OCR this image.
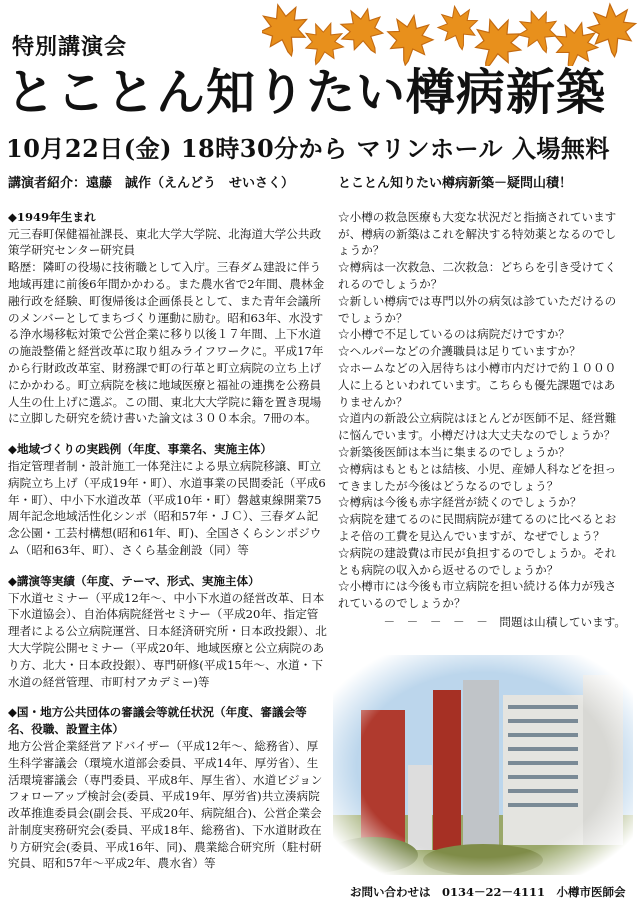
特別講演会
とことん知りたい樽病新築
10月22日(金) 18時30分から マリンホール 入場無料
講演者紹介：遠藤　誠作（えんどう　せいさく）
◆1949年生まれ
元三春町保健福祉課長、東北大学大学院、北海道大学公共政策学研究センター研究員
略歴：隣町の役場に技術職として入庁。三春ダム建設に伴う地域再建に前後6年間かかわる。また農水省で2年間、農林金融行政を経験、町復帰後は企画係長として、また青年会議所のメンバーとしてまちづくり運動に励む。昭和63年、水没する浄水場移転対策で公営企業に移り以後１７年間、上下水道の施設整備と経営改革に取り組みライフワークに。平成17年から行財政改革室、財務課で町の行革と町立病院の立ち上げにかかわる。町立病院を核に地域医療と福祉の連携を公務員人生の仕上げに選ぶ。この間、東北大大学院に籍を置き現場に立脚した研究を続け書いた論文は３００本余。7冊の本。
◆地域づくりの実践例（年度、事業名、実施主体）
指定管理者制・設計施工一体発注による県立病院移譲、町立病院立ち上げ（平成19年・町）、水道事業の民間委託（平成6年・町）、中小下水道改革（平成10年・町）磐越東線開業75周年記念地域活性化シンポ（昭和57年・ＪＣ）、三春ダム記念公園・工芸村構想(昭和61年、町)、全国さくらシンポジウム（昭和63年、町）、さくら基金創設（同）等
◆講演等実績（年度、テーマ、形式、実施主体）
下水道セミナー（平成12年～、中小下水道の経営改革、日本下水道協会）、自治体病院経営セミナー（平成20年、指定管理者による公立病院運営、日本経済研究所・日本政投銀）、北大大学院公開セミナー（平成20年、地域医療と公立病院のあり方、北大・日本政投銀）、専門研修(平成15年～、水道・下水道の経営管理、市町村アカデミー)等
◆国・地方公共団体の審議会等就任状況（年度、審議会等名、役職、設置主体）
地方公営企業経営アドバイザー（平成12年～、総務省）、厚生科学審議会（環境水道部会委員、平成14年、厚労省）、生活環境審議会（専門委員、平成8年、厚生省）、水道ビジョンフォローアップ検討会(委員、平成19年、厚労省)共立湊病院改革推進委員会(副会長、平成20年、病院組合)、公営企業会計制度実務研究会(委員、平成18年、総務省)、下水道財政在り方研究会(委員、平成16年、同)、農業総合研究所（駐村研究員、昭和57年～平成2年、農水省）等
とことん知りたい樽病新築－疑問山積！
☆小樽の救急医療も大変な状況だと指摘されていますが、樽病の新築はこれを解決する特効薬となるのでしょうか？
☆樽病は一次救急、二次救急：どちらを引き受けてくれるのでしょうか？
☆新しい樽病では専門以外の病気は診ていただけるのでしょうか？
☆小樽で不足しているのは病院だけですか？
☆ヘルパーなどの介護職員は足りていますか？
☆ホームなどの入居待ちは小樽市内だけで約１０００人に上るといわれています。こちらも優先課題ではありませんか？
☆道内の新設公立病院はほとんどが医師不足、経営難に悩んでいます。小樽だけは大丈夫なのでしょうか？
☆新築後医師は本当に集まるのでしょうか？
☆樽病はもともとは結核、小児、産婦人科などを担ってきましたが今後はどうなるのでしょう？
☆樽病は今後も赤字経営が続くのでしょうか？
☆病院を建てるのに民間病院が建てるのに比べるとおよそ倍の工費を見込んでいますが、なぜでしょう？
☆病院の建設費は市民が負担するのでしょうか。それとも病院の収入から返せるのでしょうか？
☆小樽市には今後も市立病院を担い続ける体力が残されているのでしょうか？
－　－　－　－　－　問題は山積しています。
お問い合わせは　0134－22－4111　小樽市医師会
